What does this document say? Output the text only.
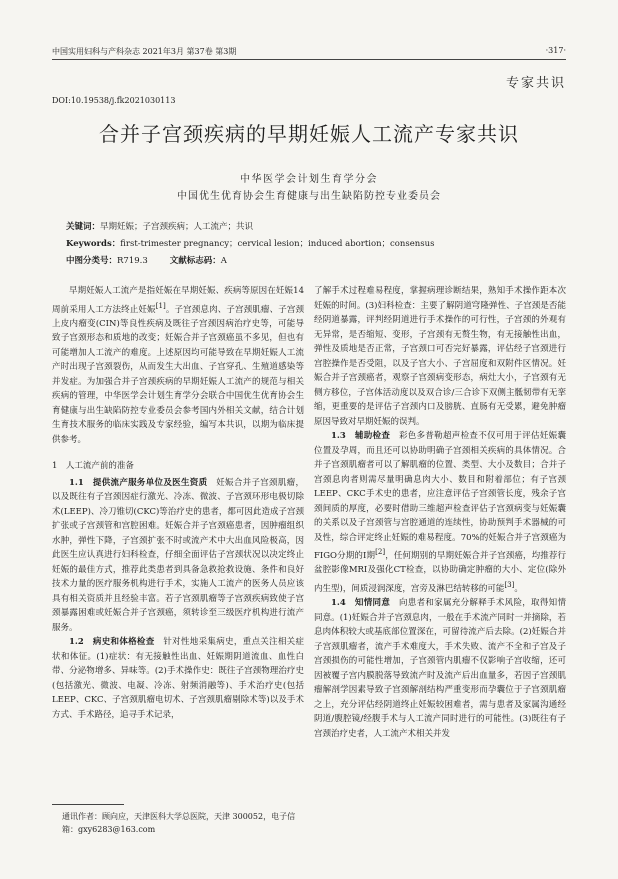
中国实用妇科与产科杂志 2021年3月 第37卷 第3期	·317·
专家共识
DOI:10.19538/j.fk2021030113
合并子宫颈疾病的早期妊娠人工流产专家共识
中华医学会计划生育学分会
中国优生优育协会生育健康与出生缺陷防控专业委员会
关键词：早期妊娠；子宫颈疾病；人工流产；共识
Keywords：first-trimester pregnancy；cervical lesion；induced abortion；consensus
中图分类号：R719.3	文献标志码：A

早期妊娠人工流产是指妊娠在早期妊娠、疾病等原因在妊娠14周前采用人工方法终止妊娠[1]。子宫颈息肉、子宫颈肌瘤、子宫颈上皮内瘤变(CIN)等良性疾病及既往子宫颈因病治疗史等，可能导致子宫颈形态和质地的改变；妊娠合并子宫颈癌虽不多见，但也有可能增加人工流产的难度。上述原因均可能导致在早期妊娠人工流产时出现子宫颈裂伤，从而发生大出血、子宫穿孔、生殖道感染等并发症。为加强合并子宫颈疾病的早期妊娠人工流产的规范与相关疾病的管理，中华医学会计划生育学分会联合中国优生优育协会生育健康与出生缺陷防控专业委员会参考国内外相关文献，结合计划生育技术服务的临床实践及专家经验，编写本共识，以期为临床提供参考。

1　人工流产前的准备

1.1　提供流产服务单位及医生资质　 妊娠合并子宫颈肌瘤，以及既往有子宫颈因症行激光、冷冻、微波、子宫颈环形电极切除术(LEEP)、冷刀锥切(CKC)等治疗史的患者，都可因此造成子宫颈扩张或子宫颈管和宫腔困难。妊娠合并子宫颈癌患者，因肿瘤组织水肿，弹性下降，子宫颈扩张不时或流产术中大出血风险极高，因此医生应认真进行妇科检查，仔细全面评估子宫颈状况以决定终止妊娠的最佳方式，推荐此类患者到具备急救抢救设施、条件和良好技术力量的医疗服务机构进行手术，实施人工流产的医务人员应该具有相关资质并且经验丰富。若子宫颈肌瘤等子宫颈疾病致使子宫颈暴露困难或妊娠合并子宫颈癌，须转诊至三级医疗机构进行流产服务。

1.2　病史和体格检查　 针对性地采集病史，重点关注相关症状和体征。(1)症状：有无接触性出血、妊娠期阴道流血、血性白带、分泌物增多、异味等。(2)手术操作史：既往子宫颈物理治疗史(包括激光、微波、电凝、冷冻、射频消融等)、手术治疗史(包括LEEP、CKC、子宫颈肌瘤电切术、子宫颈肌瘤剔除术等)以及手术方式、手术路径，追寻手术记录，

了解手术过程难易程度，掌握病理诊断结果，熟知手术操作距本次妊娠的时间。(3)妇科检查：主要了解阴道穹隆弹性、子宫颈是否能经阴道暴露，评判经阴道进行手术操作的可行性，子宫颈的外观有无异常，是否缩短、变形，子宫颈有无赘生物，有无接触性出血，弹性及质地是否正常，子宫颈口可否完好暴露，评估经子宫颈进行宫腔操作是否受阻，以及子宫大小、子宫屈度和双附件区情况。妊娠合并子宫颈癌者，观察子宫颈病变形态，病灶大小，子宫颈有无侧方移位，子宫体活动度以及双合诊/三合诊下双侧主骶韧带有无挛缩，更重要的是评估子宫颈内口及膀胱、直肠有无受累，避免肿瘤原因导致对早期妊娠的误判。

1.3　辅助检查　 彩色多普勒超声检查不仅可用于评估妊娠囊位置及孕周，而且还可以协助明确子宫颈相关疾病的具体情况。合并子宫颈肌瘤者可以了解肌瘤的位置、类型、大小及数目；合并子宫颈息肉者则需尽量明确息肉大小、数目和附着部位；有子宫颈LEEP、CKC手术史的患者，应注意评估子宫颈管长度，残余子宫颈间质的厚度，必要时借助三维超声检查评估子宫颈病变与妊娠囊的关系以及子宫颈管与宫腔通道的连续性，协助预判手术器械的可及性，综合评定终止妊娠的难易程度。70%的妊娠合并子宫颈癌为FIGO分期的Ⅰ期[2]，任何期别的早期妊娠合并子宫颈癌，均推荐行盆腔影像MRI及强化CT检查，以协助确定肿瘤的大小、定位(除外内生型)，间质浸润深度，宫旁及淋巴结转移的可能[3]。

1.4　知情同意　 向患者和家属充分解释手术风险，取得知情同意。(1)妊娠合并子宫颈息肉，一般在手术流产同时一并摘除，若息肉体积较大或基底部位置深在，可留待流产后去除。(2)妊娠合并子宫颈肌瘤者，流产手术难度大，手术失败、流产不全和子宫及子宫颈损伤的可能性增加，子宫颈管内肌瘤不仅影响子宫收缩，还可因被覆子宫内膜脱落导致流产时及流产后出血量多，若因子宫颈肌瘤解剖学因素导致子宫颈解剖结构严重变形而孕囊位于子宫颈肌瘤之上，充分评估经阴道终止妊娠较困难者，需与患者及家属沟通经阴道/腹腔镜/经腹手术与人工流产同时进行的可能性。(3)既往有子宫颈治疗史者，人工流产术相关并发

通讯作者：顾向应，天津医科大学总医院，天津 300052，电子信箱：gxy6283@163.com
